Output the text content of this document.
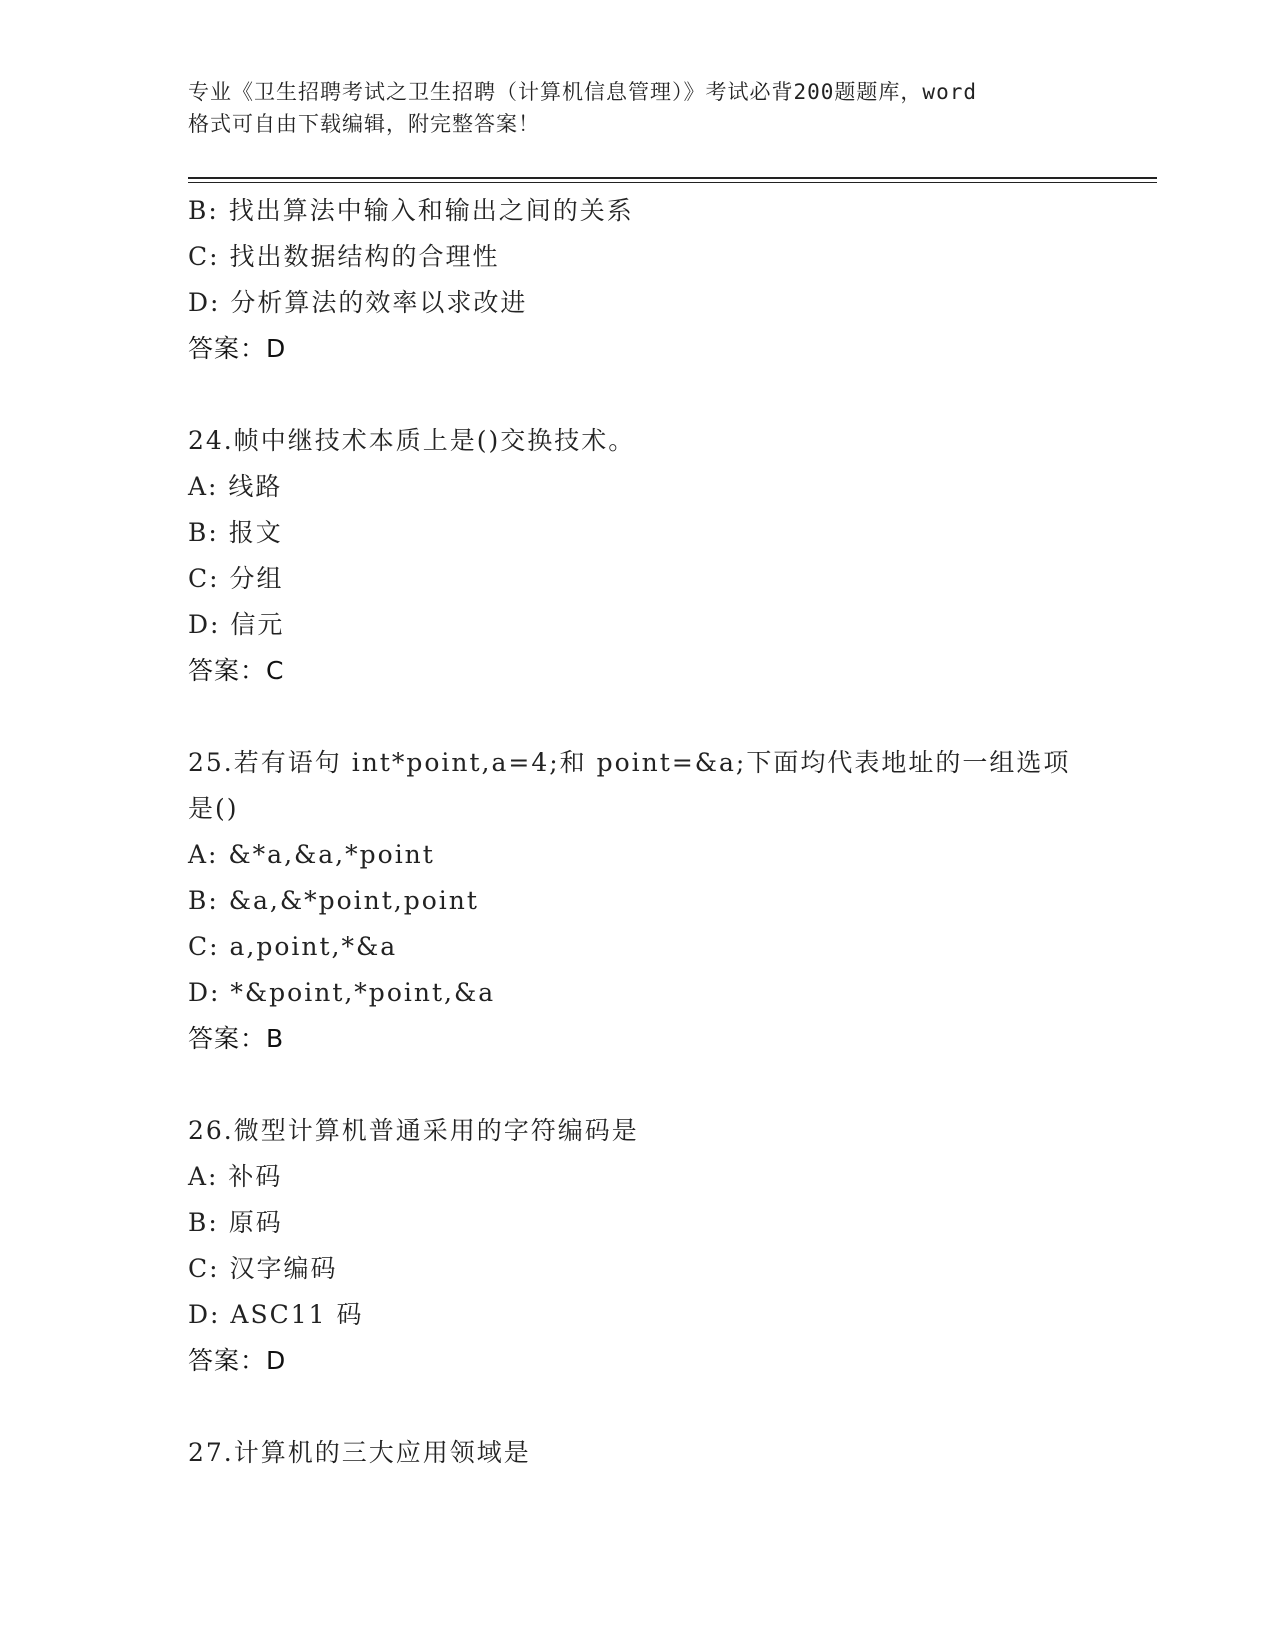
专业《卫生招聘考试之卫生招聘（计算机信息管理）》考试必背200题题库，word
格式可自由下载编辑，附完整答案！
B: 找出算法中输入和输出之间的关系
C: 找出数据结构的合理性
D: 分析算法的效率以求改进
答案：D
24.帧中继技术本质上是()交换技术。
A: 线路
B: 报文
C: 分组
D: 信元
答案：C
25.若有语句 int*point,a=4;和 point=&a;下面均代表地址的一组选项
是()
A: &*a,&a,*point
B: &a,&*point,point
C: a,point,*&a
D: *&point,*point,&a
答案：B
26.微型计算机普通采用的字符编码是
A: 补码
B: 原码
C: 汉字编码
D: ASC11 码
答案：D
27.计算机的三大应用领域是
